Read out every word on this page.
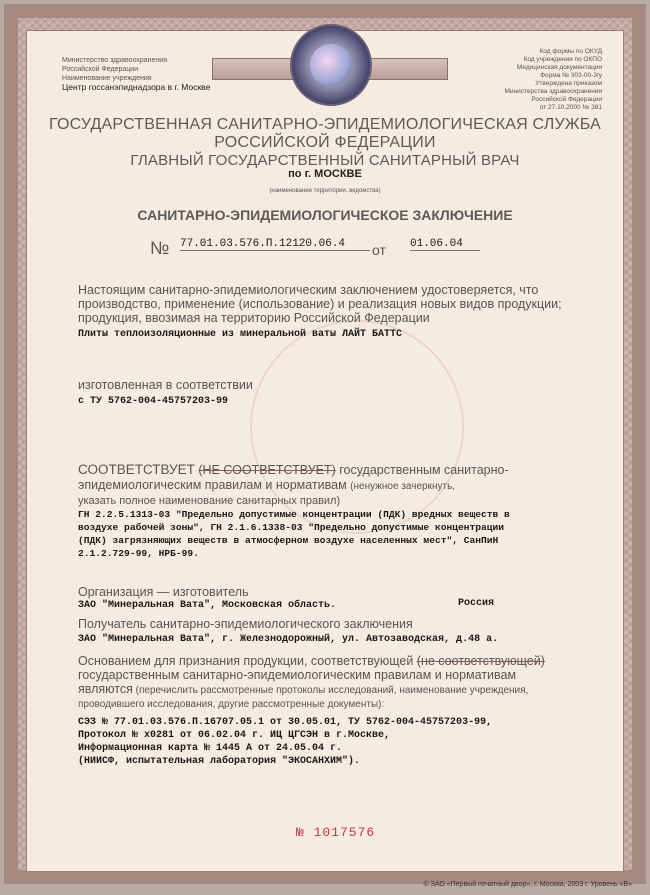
Министерство здравоохранения
Российской Федерации
Наименование учреждения
Центр госсанэпиднадзора в г. Москве
Код формы по ОКУД
Код учреждения по ОКПО
Медицинская документация
Форма № 303-00-3/у
Утверждена приказом
Министерства здравоохранения
Российской Федерации
от 27.10.2000 № 381
ГОСУДАРСТВЕННАЯ САНИТАРНО-ЭПИДЕМИОЛОГИЧЕСКАЯ СЛУЖБА
РОССИЙСКОЙ ФЕДЕРАЦИИ
ГЛАВНЫЙ ГОСУДАРСТВЕННЫЙ САНИТАРНЫЙ ВРАЧ
по г. МОСКВЕ
(наименование территории, ведомства)
САНИТАРНО-ЭПИДЕМИОЛОГИЧЕСКОЕ ЗАКЛЮЧЕНИЕ
№ 77.01.03.576.П.12120.06.4	от 01.06.04
Настоящим санитарно-эпидемиологическим заключением удостоверяется, что
производство, применение (использование) и реализация новых видов продукции;
продукция, ввозимая на территорию Российской Федерации
Плиты теплоизоляционные из минеральной ваты ЛАЙТ БАТТС
изготовленная в соответствии
с ТУ 5762-004-45757203-99
СООТВЕТСТВУЕТ (НЕ СООТВЕТСТВУЕТ) государственным санитарно-
эпидемиологическим правилам и нормативам (ненужное зачеркнуть,
указать полное наименование санитарных правил)
ГН 2.2.5.1313-03 "Предельно допустимые концентрации (ПДК) вредных веществ в
воздухе рабочей зоны", ГН 2.1.6.1338-03 "Предельно допустимые концентрации
(ПДК) загрязняющих веществ в атмосферном воздухе населенных мест", СанПиН
2.1.2.729-99, НРБ-99.
Организация — изготовитель
ЗАО "Минеральная Вата", Московская область.	Россия
Получатель санитарно-эпидемиологического заключения
ЗАО "Минеральная Вата", г. Железнодорожный, ул. Автозаводская, д.48 а.
Основанием для признания продукции, соответствующей (не соответствующей)
государственным санитарно-эпидемиологическим правилам и нормативам
являются (перечислить рассмотренные протоколы исследований, наименование учреждения,
проводившего исследования, другие рассмотренные документы):
СЭЗ № 77.01.03.576.П.16707.05.1 от 30.05.01, ТУ 5762-004-45757203-99,
Протокол № х0281 от 06.02.04 г. ИЦ ЦГСЭН в г.Москве,
Информационная карта № 1445 А от 24.05.04 г.
(НИИСФ, испытательная лаборатория "ЭКОСАНХИМ").
№ 1017576
© ЗАО «Первый печатный двор», г. Москва, 2003 г. Уровень «В»
